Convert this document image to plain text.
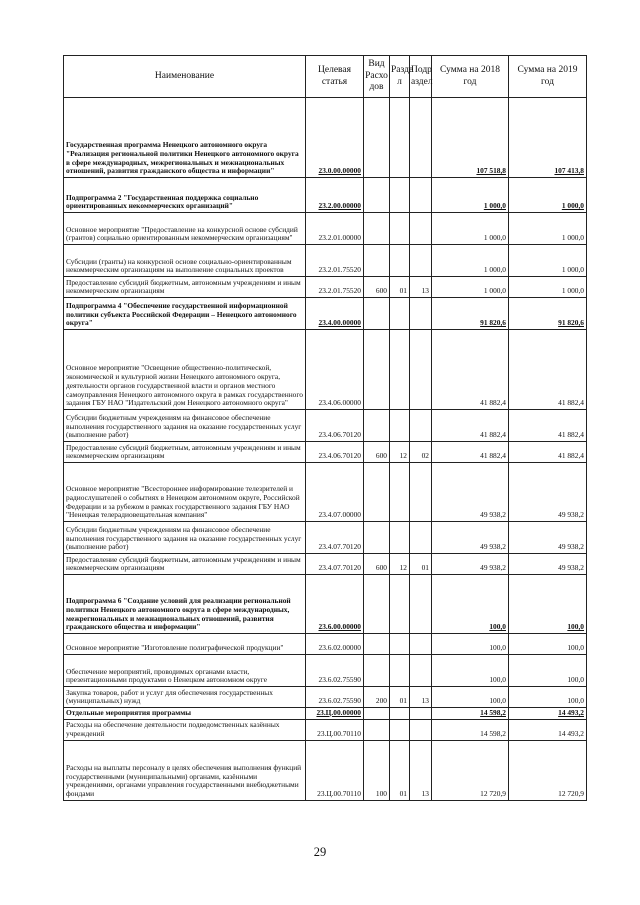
Наименование	Целевая статья	Вид Расхо дов	Разде л	Подр аздел	Сумма на 2018 год	Сумма на 2019 год
Государственная программа Ненецкого автономного округа "Реализация региональной политики Ненецкого автономного округа в сфере международных, межрегиональных и межнациональных отношений, развития гражданского общества и информации"	23.0.00.00000				107 518,8	107 413,8
Подпрограмма 2 "Государственная поддержка социально ориентированных некоммерческих организаций"	23.2.00.00000				1 000,0	1 000,0
Основное мероприятие "Предоставление на конкурсной основе субсидий (грантов) социально ориентированным некоммерческим организациям"	23.2.01.00000				1 000,0	1 000,0
Субсидии (гранты) на конкурсной основе социально-ориентированным некоммерческим организациям на выполнение социальных проектов	23.2.01.75520				1 000,0	1 000,0
Предоставление субсидий бюджетным, автономным учреждениям и иным некоммерческим организациям	23.2.01.75520	600	01	13	1 000,0	1 000,0
Подпрограмма 4 "Обеспечение государственной информационной политики субъекта Российской Федерации – Ненецкого автономного округа"	23.4.00.00000				91 820,6	91 820,6
Основное мероприятие "Освещение общественно-политической, экономической и культурной жизни Ненецкого автономного округа, деятельности органов государственной власти и органов местного самоуправления Ненецкого автономного округа в рамках государственного задания ГБУ НАО "Издательский дом Ненецкого автономного округа"	23.4.06.00000				41 882,4	41 882,4
Субсидии бюджетным учреждениям на финансовое обеспечение выполнения государственного задания на оказание государственных услуг (выполнение работ)	23.4.06.70120				41 882,4	41 882,4
Предоставление субсидий бюджетным, автономным учреждениям и иным некоммерческим организациям	23.4.06.70120	600	12	02	41 882,4	41 882,4
Основное мероприятие "Всестороннее информирование телезрителей и радиослушателей о событиях в Ненецком автономном округе, Российской Федерации и за рубежом в рамках государственного задания ГБУ НАО "Ненецкая телерадиовещательная компания"	23.4.07.00000				49 938,2	49 938,2
Субсидии бюджетным учреждениям на финансовое обеспечение выполнения государственного задания на оказание государственных услуг (выполнение работ)	23.4.07.70120				49 938,2	49 938,2
Предоставление субсидий бюджетным, автономным учреждениям и иным некоммерческим организациям	23.4.07.70120	600	12	01	49 938,2	49 938,2
Подпрограмма 6 "Создание условий для реализации региональной политики Ненецкого автономного округа в сфере международных, межрегиональных и межнациональных отношений, развития гражданского общества и информации"	23.6.00.00000				100,0	100,0
Основное мероприятие "Изготовление полиграфической продукции"	23.6.02.00000				100,0	100,0
Обеспечение мероприятий, проводимых органами власти, презентационными продуктами о Ненецком автономном округе	23.6.02.75590				100,0	100,0
Закупка товаров, работ и услуг для обеспечения государственных (муниципальных) нужд	23.6.02.75590	200	01	13	100,0	100,0
Отдельные мероприятия программы	23.Ц.00.00000				14 598,2	14 493,2
Расходы на обеспечение деятельности подведомственных казённых учреждений	23.Ц.00.70110				14 598,2	14 493,2
Расходы на выплаты персоналу в целях обеспечения выполнения функций государственными (муниципальными) органами, казёнными учреждениями, органами управления государственными внебюджетными фондами	23.Ц.00.70110	100	01	13	12 720,9	12 720,9
29
